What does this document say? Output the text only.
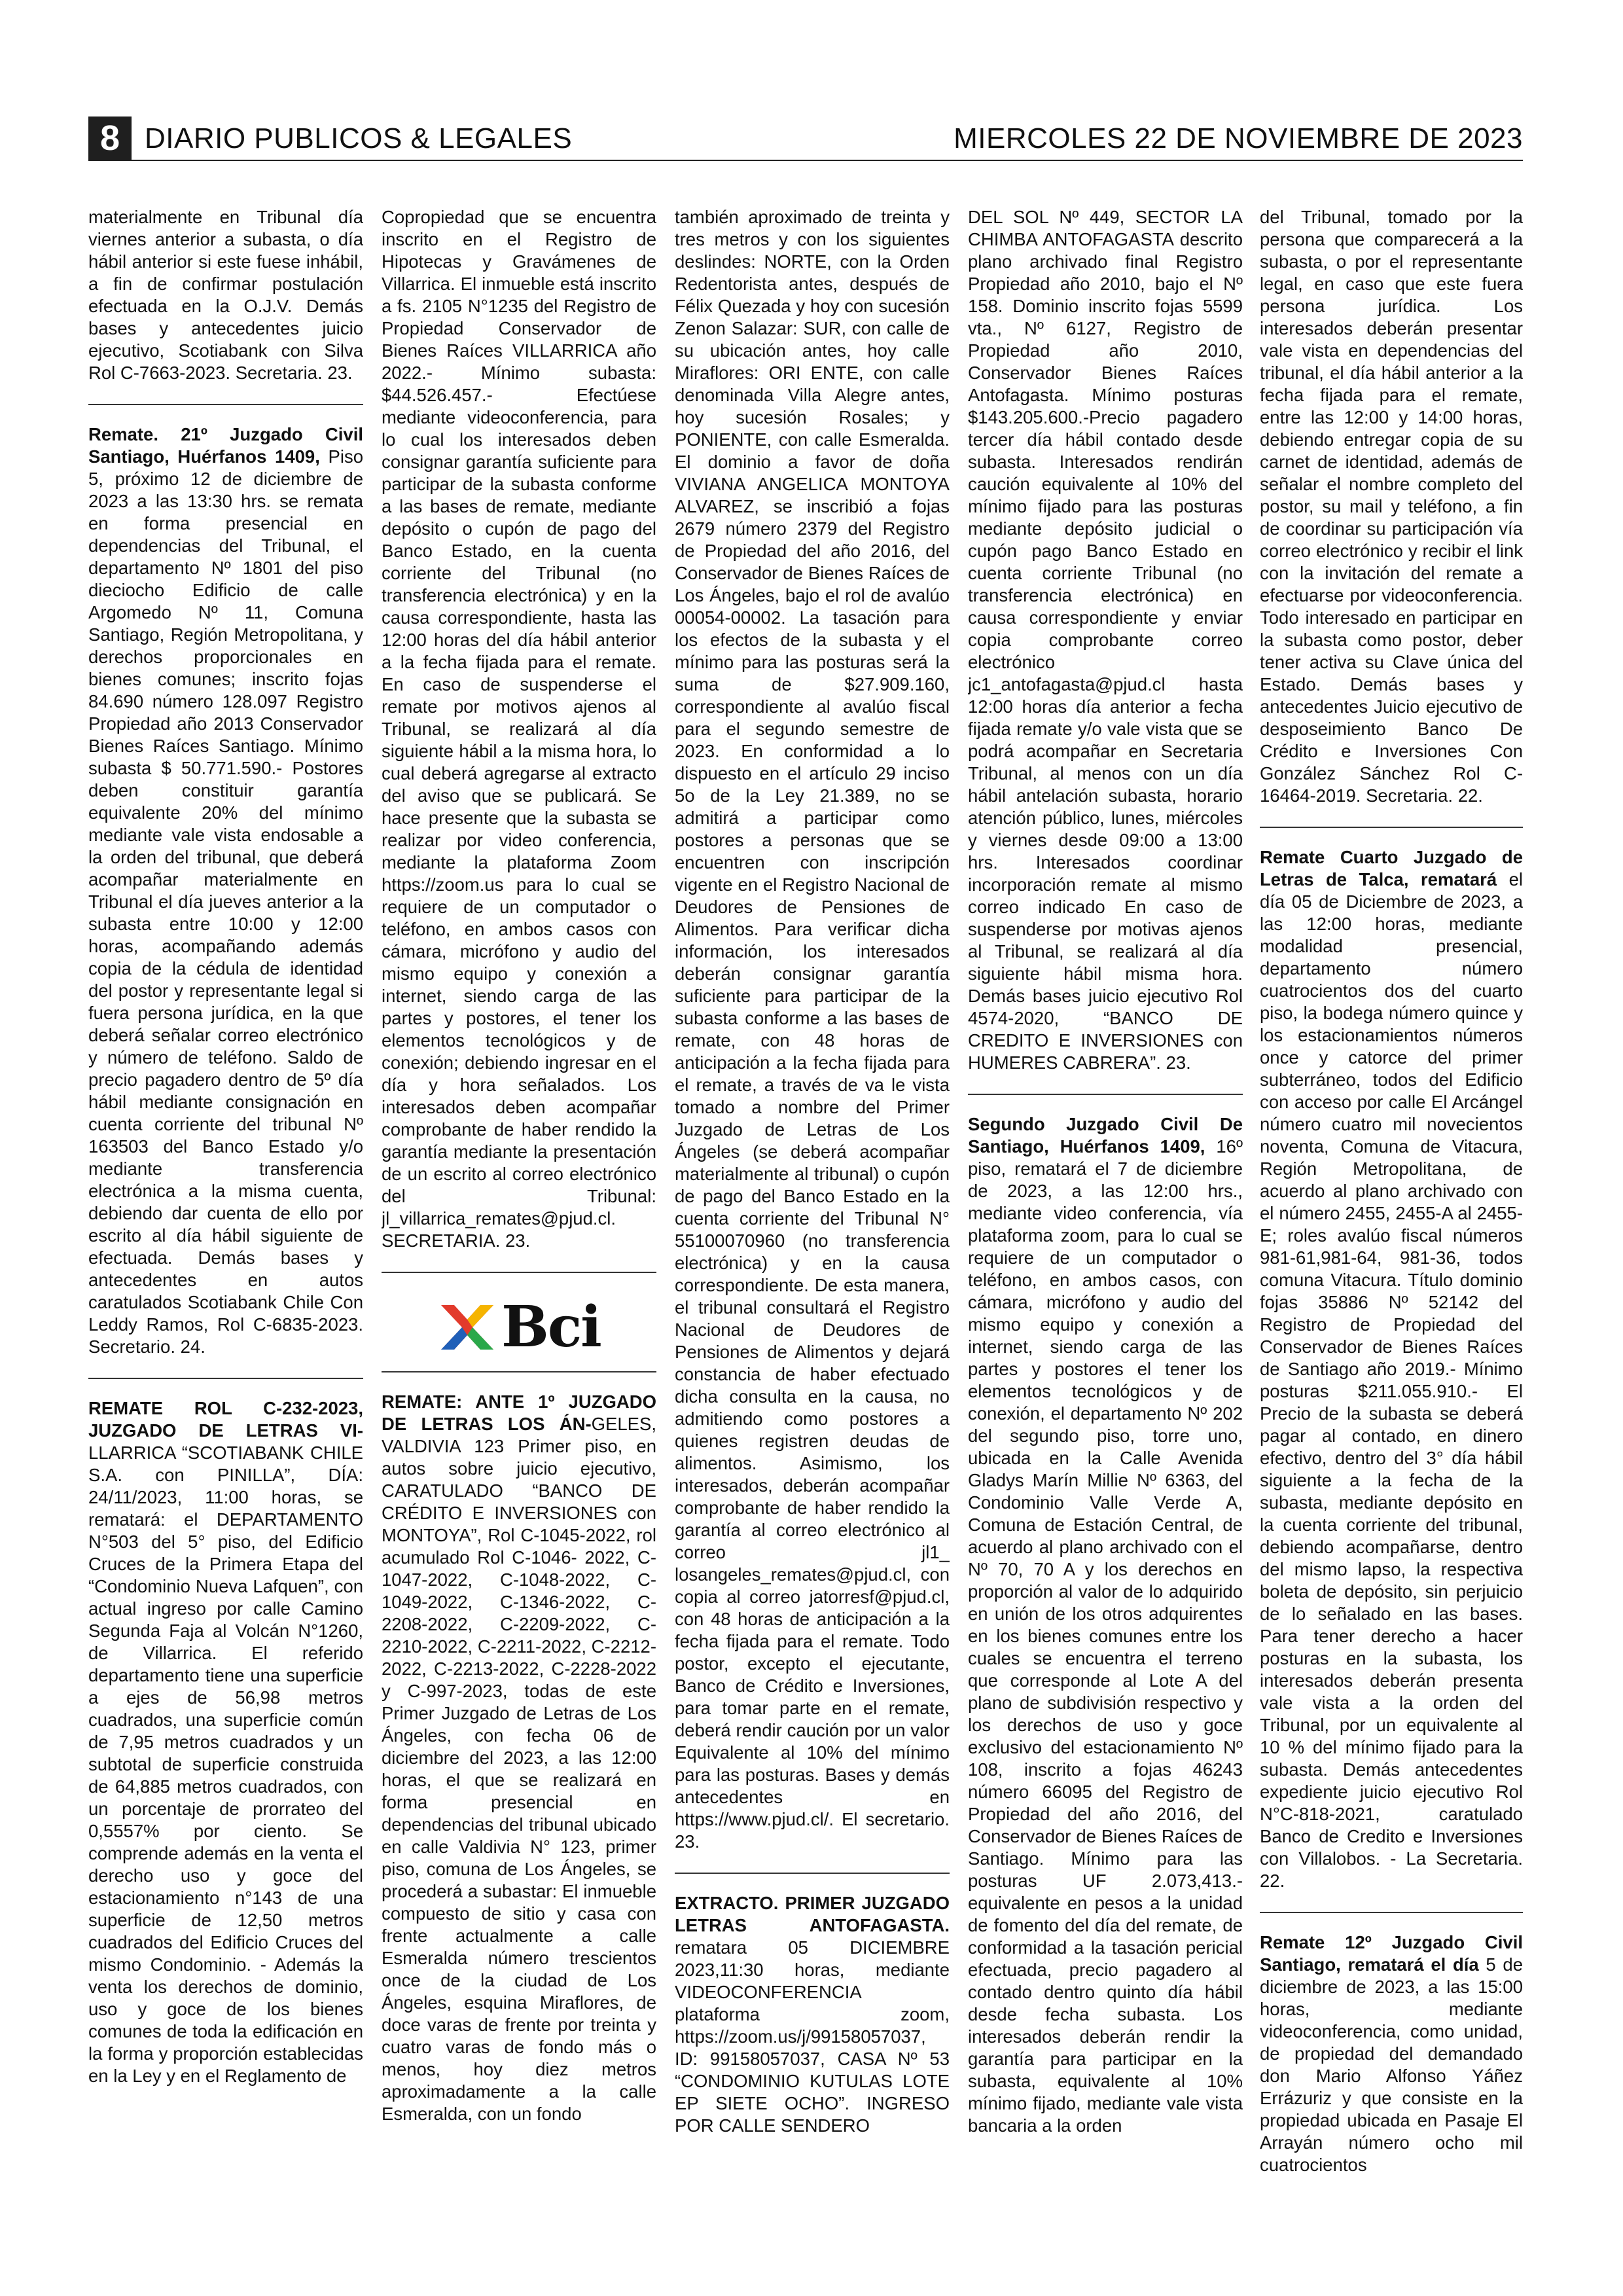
8 DIARIO PUBLICOS & LEGALES	MIERCOLES 22 DE NOVIEMBRE DE 2023

materialmente en Tribunal día viernes anterior a subasta, o día hábil anterior si este fuese inhábil, a fin de confirmar postulación efectuada en la O.J.V. Demás bases y antecedentes juicio ejecutivo, Scotiabank con Silva Rol C-7663-2023. Secretaria. 23.

Remate. 21º Juzgado Civil Santiago, Huérfanos 1409, Piso 5, próximo 12 de diciembre de 2023 a las 13:30 hrs. se remata en forma presencial en dependencias del Tribunal, el departamento Nº 1801 del piso dieciocho Edificio de calle Argomedo Nº 11, Comuna Santiago, Región Metropolitana, y derechos proporcionales en bienes comunes; inscrito fojas 84.690 número 128.097 Registro Propiedad año 2013 Conservador Bienes Raíces Santiago. Mínimo subasta $ 50.771.590.- Postores deben constituir garantía equivalente 20% del mínimo mediante vale vista endosable a la orden del tribunal, que deberá acompañar materialmente en Tribunal el día jueves anterior a la subasta entre 10:00 y 12:00 horas, acompañando además copia de la cédula de identidad del postor y representante legal si fuera persona jurídica, en la que deberá señalar correo electrónico y número de teléfono. Saldo de precio pagadero dentro de 5º día hábil mediante consignación en cuenta corriente del tribunal Nº 163503 del Banco Estado y/o mediante transferencia electrónica a la misma cuenta, debiendo dar cuenta de ello por escrito al día hábil siguiente de efectuada. Demás bases y antecedentes en autos caratulados Scotiabank Chile Con Leddy Ramos, Rol C-6835-2023. Secretario. 24.

REMATE ROL C-232-2023, JUZGADO DE LETRAS VI-LLARRICA “SCOTIABANK CHILE S.A. con PINILLA”, DÍA: 24/11/2023, 11:00 horas, se rematará: el DEPARTAMENTO N°503 del 5° piso, del Edificio Cruces de la Primera Etapa del “Condominio Nueva Lafquen”, con actual ingreso por calle Camino Segunda Faja al Volcán N°1260, de Villarrica. El referido departamento tiene una superficie a ejes de 56,98 metros cuadrados, una superficie común de 7,95 metros cuadrados y un subtotal de superficie construida de 64,885 metros cuadrados, con un porcentaje de prorrateo del 0,5557% por ciento. Se comprende además en la venta el derecho uso y goce del estacionamiento n°143 de una superficie de 12,50 metros cuadrados del Edificio Cruces del mismo Condominio. - Además la venta los derechos de dominio, uso y goce de los bienes comunes de toda la edificación en la forma y proporción establecidas en la Ley y en el Reglamento de

Copropiedad que se encuentra inscrito en el Registro de Hipotecas y Gravámenes de Villarrica. El inmueble está inscrito a fs. 2105 N°1235 del Registro de Propiedad Conservador de Bienes Raíces VILLARRICA año 2022.- Mínimo subasta: $44.526.457.- Efectúese mediante videoconferencia, para lo cual los interesados deben consignar garantía suficiente para participar de la subasta conforme a las bases de remate, mediante depósito o cupón de pago del Banco Estado, en la cuenta corriente del Tribunal (no transferencia electrónica) y en la causa correspondiente, hasta las 12:00 horas del día hábil anterior a la fecha fijada para el remate. En caso de suspenderse el remate por motivos ajenos al Tribunal, se realizará al día siguiente hábil a la misma hora, lo cual deberá agregarse al extracto del aviso que se publicará. Se hace presente que la subasta se realizar por video conferencia, mediante la plataforma Zoom https://zoom.us para lo cual se requiere de un computador o teléfono, en ambos casos con cámara, micrófono y audio del mismo equipo y conexión a internet, siendo carga de las partes y postores, el tener los elementos tecnológicos y de conexión; debiendo ingresar en el día y hora señalados. Los interesados deben acompañar comprobante de haber rendido la garantía mediante la presentación de un escrito al correo electrónico del Tribunal: jl_villarrica_remates@pjud.cl. SECRETARIA. 23.

Bci

REMATE: ANTE 1º JUZGADO DE LETRAS LOS ÁN-GELES, VALDIVIA 123 Primer piso, en autos sobre juicio ejecutivo, CARATULADO “BANCO DE CRÉDITO E INVERSIONES con MONTOYA”, Rol C-1045-2022, rol acumulado Rol C-1046- 2022, C-1047-2022, C-1048-2022, C-1049-2022, C-1346-2022, C-2208-2022, C-2209-2022, C-2210-2022, C-2211-2022, C-2212-2022, C-2213-2022, C-2228-2022 y C-997-2023, todas de este Primer Juzgado de Letras de Los Ángeles, con fecha 06 de diciembre del 2023, a las 12:00 horas, el que se realizará en forma presencial en dependencias del tribunal ubicado en calle Valdivia N° 123, primer piso, comuna de Los Ángeles, se procederá a subastar: El inmueble compuesto de sitio y casa con frente actualmente a calle Esmeralda número trescientos once de la ciudad de Los Ángeles, esquina Miraflores, de doce varas de frente por treinta y cuatro varas de fondo más o menos, hoy diez metros aproximadamente a la calle Esmeralda, con un fondo

también aproximado de treinta y tres metros y con los siguientes deslindes: NORTE, con la Orden Redentorista antes, después de Félix Quezada y hoy con sucesión Zenon Salazar: SUR, con calle de su ubicación antes, hoy calle Miraflores: ORI ENTE, con calle denominada Villa Alegre antes, hoy sucesión Rosales; y PONIENTE, con calle Esmeralda. El dominio a favor de doña VIVIANA ANGELICA MONTOYA ALVAREZ, se inscribió a fojas 2679 número 2379 del Registro de Propiedad del año 2016, del Conservador de Bienes Raíces de Los Ángeles, bajo el rol de avalúo 00054-00002. La tasación para los efectos de la subasta y el mínimo para las posturas será la suma de $27.909.160, correspondiente al avalúo fiscal para el segundo semestre de 2023. En conformidad a lo dispuesto en el artículo 29 inciso 5o de la Ley 21.389, no se admitirá a participar como postores a personas que se encuentren con inscripción vigente en el Registro Nacional de Deudores de Pensiones de Alimentos. Para verificar dicha información, los interesados deberán consignar garantía suficiente para participar de la subasta conforme a las bases de remate, con 48 horas de anticipación a la fecha fijada para el remate, a través de va le vista tomado a nombre del Primer Juzgado de Letras de Los Ángeles (se deberá acompañar materialmente al tribunal) o cupón de pago del Banco Estado en la cuenta corriente del Tribunal N° 55100070960 (no transferencia electrónica) y en la causa correspondiente. De esta manera, el tribunal consultará el Registro Nacional de Deudores de Pensiones de Alimentos y dejará constancia de haber efectuado dicha consulta en la causa, no admitiendo como postores a quienes registren deudas de alimentos. Asimismo, los interesados, deberán acompañar comprobante de haber rendido la garantía al correo electrónico al correo jl1_ losangeles_remates@pjud.cl, con copia al correo jatorresf@pjud.cl, con 48 horas de anticipación a la fecha fijada para el remate. Todo postor, excepto el ejecutante, Banco de Crédito e Inversiones, para tomar parte en el remate, deberá rendir caución por un valor Equivalente al 10% del mínimo para las posturas. Bases y demás antecedentes en https://www.pjud.cl/. El secretario. 23.

EXTRACTO. PRIMER JUZGADO LETRAS ANTOFAGASTA. rematara 05 DICIEMBRE 2023,11:30 horas, mediante VIDEOCONFERENCIA plataforma zoom, https://zoom.us/j/99158057037, ID: 99158057037, CASA Nº 53 “CONDOMINIO KUTULAS LOTE EP SIETE OCHO”. INGRESO POR CALLE SENDERO

DEL SOL Nº 449, SECTOR LA CHIMBA ANTOFAGASTA descrito plano archivado final Registro Propiedad año 2010, bajo el Nº 158. Dominio inscrito fojas 5599 vta., Nº 6127, Registro de Propiedad año 2010, Conservador Bienes Raíces Antofagasta. Mínimo posturas $143.205.600.-Precio pagadero tercer día hábil contado desde subasta. Interesados rendirán caución equivalente al 10% del mínimo fijado para las posturas mediante depósito judicial o cupón pago Banco Estado en cuenta corriente Tribunal (no transferencia electrónica) en causa correspondiente y enviar copia comprobante correo electrónico jc1_antofagasta@pjud.cl hasta 12:00 horas día anterior a fecha fijada remate y/o vale vista que se podrá acompañar en Secretaria Tribunal, al menos con un día hábil antelación subasta, horario atención público, lunes, miércoles y viernes desde 09:00 a 13:00 hrs. Interesados coordinar incorporación remate al mismo correo indicado En caso de suspenderse por motivas ajenos al Tribunal, se realizará al día siguiente hábil misma hora. Demás bases juicio ejecutivo Rol 4574-2020, “BANCO DE CREDITO E INVERSIONES con HUMERES CABRERA”. 23.

Segundo Juzgado Civil De Santiago, Huérfanos 1409, 16º piso, rematará el 7 de diciembre de 2023, a las 12:00 hrs., mediante video conferencia, vía plataforma zoom, para lo cual se requiere de un computador o teléfono, en ambos casos, con cámara, micrófono y audio del mismo equipo y conexión a internet, siendo carga de las partes y postores el tener los elementos tecnológicos y de conexión, el departamento Nº 202 del segundo piso, torre uno, ubicada en la Calle Avenida Gladys Marín Millie Nº 6363, del Condominio Valle Verde A, Comuna de Estación Central, de acuerdo al plano archivado con el Nº 70, 70 A y los derechos en proporción al valor de lo adquirido en unión de los otros adquirentes en los bienes comunes entre los cuales se encuentra el terreno que corresponde al Lote A del plano de subdivisión respectivo y los derechos de uso y goce exclusivo del estacionamiento Nº 108, inscrito a fojas 46243 número 66095 del Registro de Propiedad del año 2016, del Conservador de Bienes Raíces de Santiago. Mínimo para las posturas UF 2.073,413.- equivalente en pesos a la unidad de fomento del día del remate, de conformidad a la tasación pericial efectuada, precio pagadero al contado dentro quinto día hábil desde fecha subasta. Los interesados deberán rendir la garantía para participar en la subasta, equivalente al 10% mínimo fijado, mediante vale vista bancaria a la orden

del Tribunal, tomado por la persona que comparecerá a la subasta, o por el representante legal, en caso que este fuera persona jurídica. Los interesados deberán presentar vale vista en dependencias del tribunal, el día hábil anterior a la fecha fijada para el remate, entre las 12:00 y 14:00 horas, debiendo entregar copia de su carnet de identidad, además de señalar el nombre completo del postor, su mail y teléfono, a fin de coordinar su participación vía correo electrónico y recibir el link con la invitación del remate a efectuarse por videoconferencia. Todo interesado en participar en la subasta como postor, deber tener activa su Clave única del Estado. Demás bases y antecedentes Juicio ejecutivo de desposeimiento Banco De Crédito e Inversiones Con González Sánchez Rol C-16464-2019. Secretaria. 22.

Remate Cuarto Juzgado de Letras de Talca, rematará el día 05 de Diciembre de 2023, a las 12:00 horas, mediante modalidad presencial, departamento número cuatrocientos dos del cuarto piso, la bodega número quince y los estacionamientos números once y catorce del primer subterráneo, todos del Edificio con acceso por calle El Arcángel número cuatro mil novecientos noventa, Comuna de Vitacura, Región Metropolitana, de acuerdo al plano archivado con el número 2455, 2455-A al 2455-E; roles avalúo fiscal números 981-61,981-64, 981-36, todos comuna Vitacura. Título dominio fojas 35886 Nº 52142 del Registro de Propiedad del Conservador de Bienes Raíces de Santiago año 2019.- Mínimo posturas $211.055.910.- El Precio de la subasta se deberá pagar al contado, en dinero efectivo, dentro del 3° día hábil siguiente a la fecha de la subasta, mediante depósito en la cuenta corriente del tribunal, debiendo acompañarse, dentro del mismo lapso, la respectiva boleta de depósito, sin perjuicio de lo señalado en las bases. Para tener derecho a hacer posturas en la subasta, los interesados deberán presenta vale vista a la orden del Tribunal, por un equivalente al 10 % del mínimo fijado para la subasta. Demás antecedentes expediente juicio ejecutivo Rol N°C-818-2021, caratulado Banco de Credito e Inversiones con Villalobos. - La Secretaria. 22.

Remate 12º Juzgado Civil Santiago, rematará el día 5 de diciembre de 2023, a las 15:00 horas, mediante videoconferencia, como unidad, de propiedad del demandado don Mario Alfonso Yáñez Errázuriz y que consiste en la propiedad ubicada en Pasaje El Arrayán número ocho mil cuatrocientos
